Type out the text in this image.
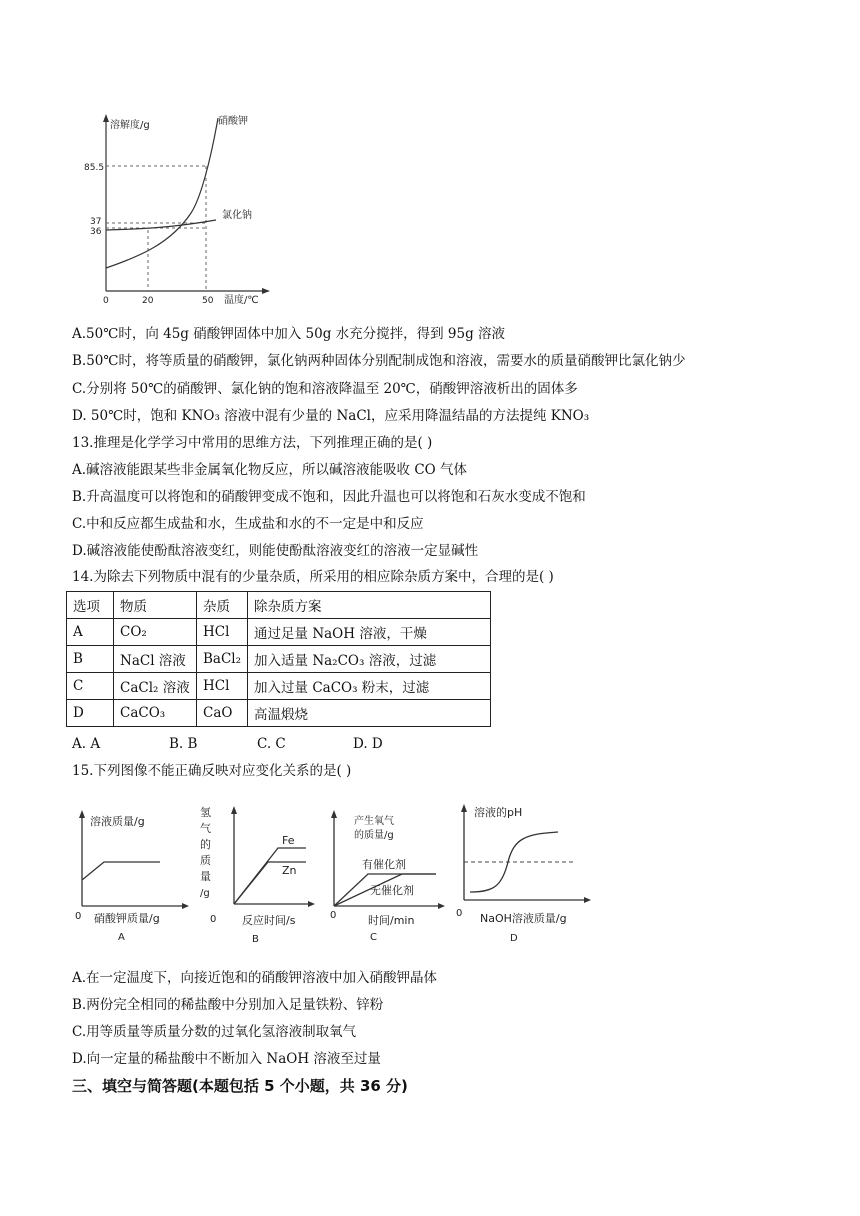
溶解度/g	硝酸钾
氯化钠
85.5
37
36
0	20	50 温度/℃
A.50℃时，向 45g 硝酸钾固体中加入 50g 水充分搅拌，得到 95g 溶液
B.50℃时，将等质量的硝酸钾，氯化钠两种固体分别配制成饱和溶液，需要水的质量硝酸钾比氯化钠少
C.分别将 50℃的硝酸钾、氯化钠的饱和溶液降温至 20℃，硝酸钾溶液析出的固体多
D. 50℃时，饱和 KNO₃ 溶液中混有少量的 NaCl，应采用降温结晶的方法提纯 KNO₃
13.推理是化学学习中常用的思维方法，下列推理正确的是( )
A.碱溶液能跟某些非金属氧化物反应，所以碱溶液能吸收 CO 气体
B.升高温度可以将饱和的硝酸钾变成不饱和，因此升温也可以将饱和石灰水变成不饱和
C.中和反应都生成盐和水，生成盐和水的不一定是中和反应
D.碱溶液能使酚酞溶液变红，则能使酚酞溶液变红的溶液一定显碱性
14.为除去下列物质中混有的少量杂质，所采用的相应除杂质方案中，合理的是( )
选项	物质	杂质	除杂质方案
A	CO₂	HCl	通过足量 NaOH 溶液，干燥
B	NaCl 溶液	BaCl₂	加入适量 Na₂CO₃ 溶液，过滤
C	CaCl₂ 溶液	HCl	加入过量 CaCO₃ 粉末，过滤
D	CaCO₃	CaO	高温煅烧
A. A	B. B	C. C	D. D
15.下列图像不能正确反映对应变化关系的是( )
溶液质量/g
0 硝酸钾质量/g
A
Fe
Zn
氢
气
的
质
量
/g
0 反应时间/s
B
产生氧气
的质量/g
有催化剂
无催化剂
0	时间/min
C
溶液的pH
0 NaOH溶液质量/g
D
A.在一定温度下，向接近饱和的硝酸钾溶液中加入硝酸钾晶体
B.两份完全相同的稀盐酸中分别加入足量铁粉、锌粉
C.用等质量等质量分数的过氧化氢溶液制取氧气
D.向一定量的稀盐酸中不断加入 NaOH 溶液至过量
三、填空与简答题(本题包括 5 个小题，共 36 分)
